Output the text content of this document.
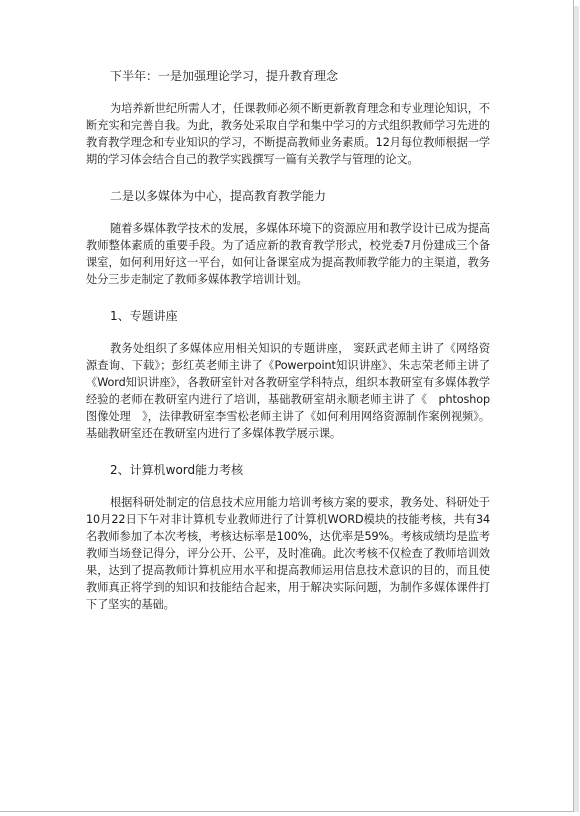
下半年：一是加强理论学习，提升教育理念

为培养新世纪所需人才，任课教师必须不断更新教育理念和专业理论知识，不断充实和完善自我。为此，教务处采取自学和集中学习的方式组织教师学习先进的教育教学理念和专业知识的学习，不断提高教师业务素质。12月每位教师根据一学期的学习体会结合自己的教学实践撰写一篇有关教学与管理的论文。

二是以多媒体为中心，提高教育教学能力

随着多媒体教学技术的发展，多媒体环境下的资源应用和教学设计已成为提高教师整体素质的重要手段。为了适应新的教育教学形式，校党委7月份建成三个备课室，如何利用好这一平台，如何让备课室成为提高教师教学能力的主渠道，教务处分三步走制定了教师多媒体教学培训计划。

1、专题讲座

教务处组织了多媒体应用相关知识的专题讲座， 窦跃武老师主讲了《网络资源查询、下载》；彭红英老师主讲了《Powerpoint知识讲座》、朱志荣老师主讲了《Word知识讲座》，各教研室针对各教研室学科特点，组织本教研室有多媒体教学经验的老师在教研室内进行了培训，基础教研室胡永顺老师主讲了《　phtoshop图像处理　》，法律教研室李雪松老师主讲了《如何利用网络资源制作案例视频》。基础教研室还在教研室内进行了多媒体教学展示课。

2、计算机word能力考核

根据科研处制定的信息技术应用能力培训考核方案的要求，教务处、科研处于10月22日下午对非计算机专业教师进行了计算机WORD模块的技能考核，共有34名教师参加了本次考核，考核达标率是100%，达优率是59%。考核成绩均是监考教师当场登记得分，评分公开、公平，及时准确。此次考核不仅检查了教师培训效果，达到了提高教师计算机应用水平和提高教师运用信息技术意识的目的，而且使教师真正将学到的知识和技能结合起来，用于解决实际问题，为制作多媒体课件打下了坚实的基础。
